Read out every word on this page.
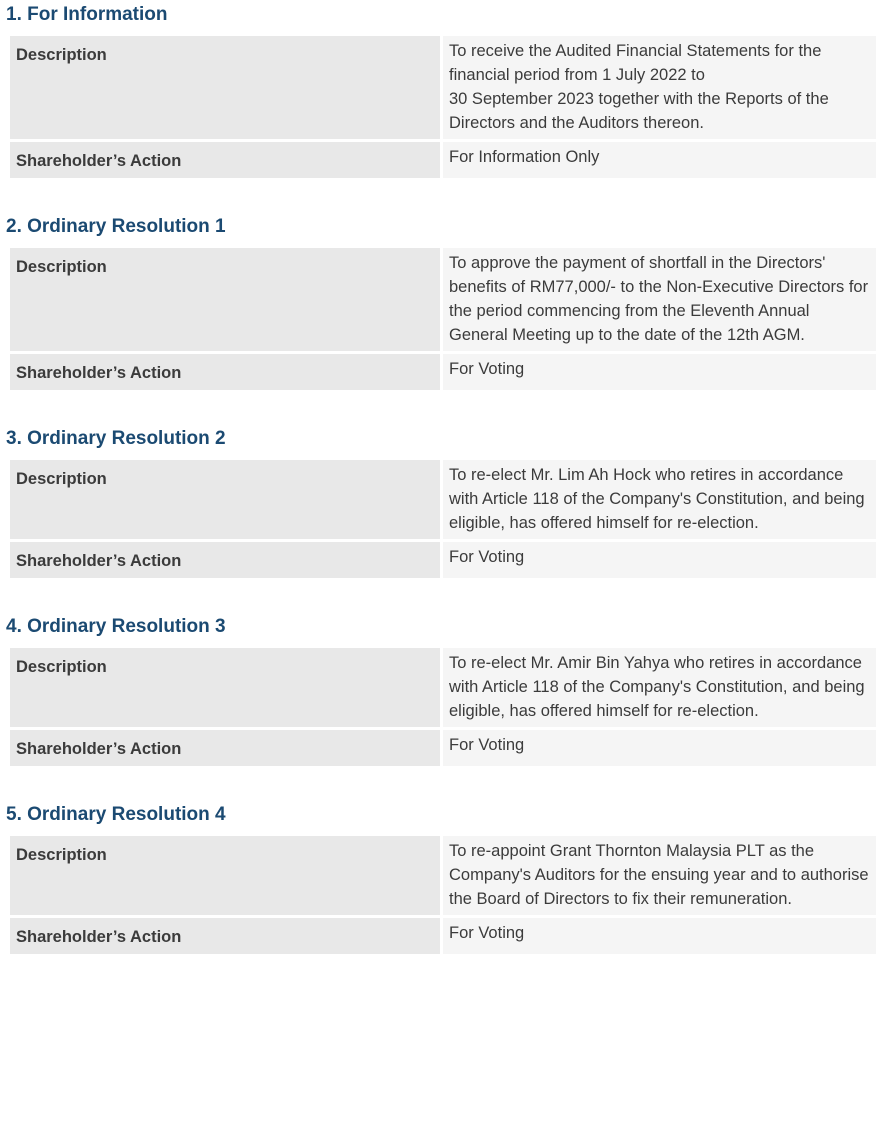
1. For Information
Description	To receive the Audited Financial Statements for the financial period from 1 July 2022 to
30 September 2023 together with the Reports of the Directors and the Auditors thereon.
Shareholder’s Action	For Information Only
2. Ordinary Resolution 1
Description	To approve the payment of shortfall in the Directors' benefits of RM77,000/- to the Non-Executive Directors for the period commencing from the Eleventh Annual General Meeting up to the date of the 12th AGM.
Shareholder’s Action	For Voting
3. Ordinary Resolution 2
Description	To re-elect Mr. Lim Ah Hock who retires in accordance with Article 118 of the Company's Constitution, and being eligible, has offered himself for re-election.
Shareholder’s Action	For Voting
4. Ordinary Resolution 3
Description	To re-elect Mr. Amir Bin Yahya who retires in accordance with Article 118 of the Company's Constitution, and being eligible, has offered himself for re-election.
Shareholder’s Action	For Voting
5. Ordinary Resolution 4
Description	To re-appoint Grant Thornton Malaysia PLT as the Company's Auditors for the ensuing year and to authorise the Board of Directors to fix their remuneration.
Shareholder’s Action	For Voting
